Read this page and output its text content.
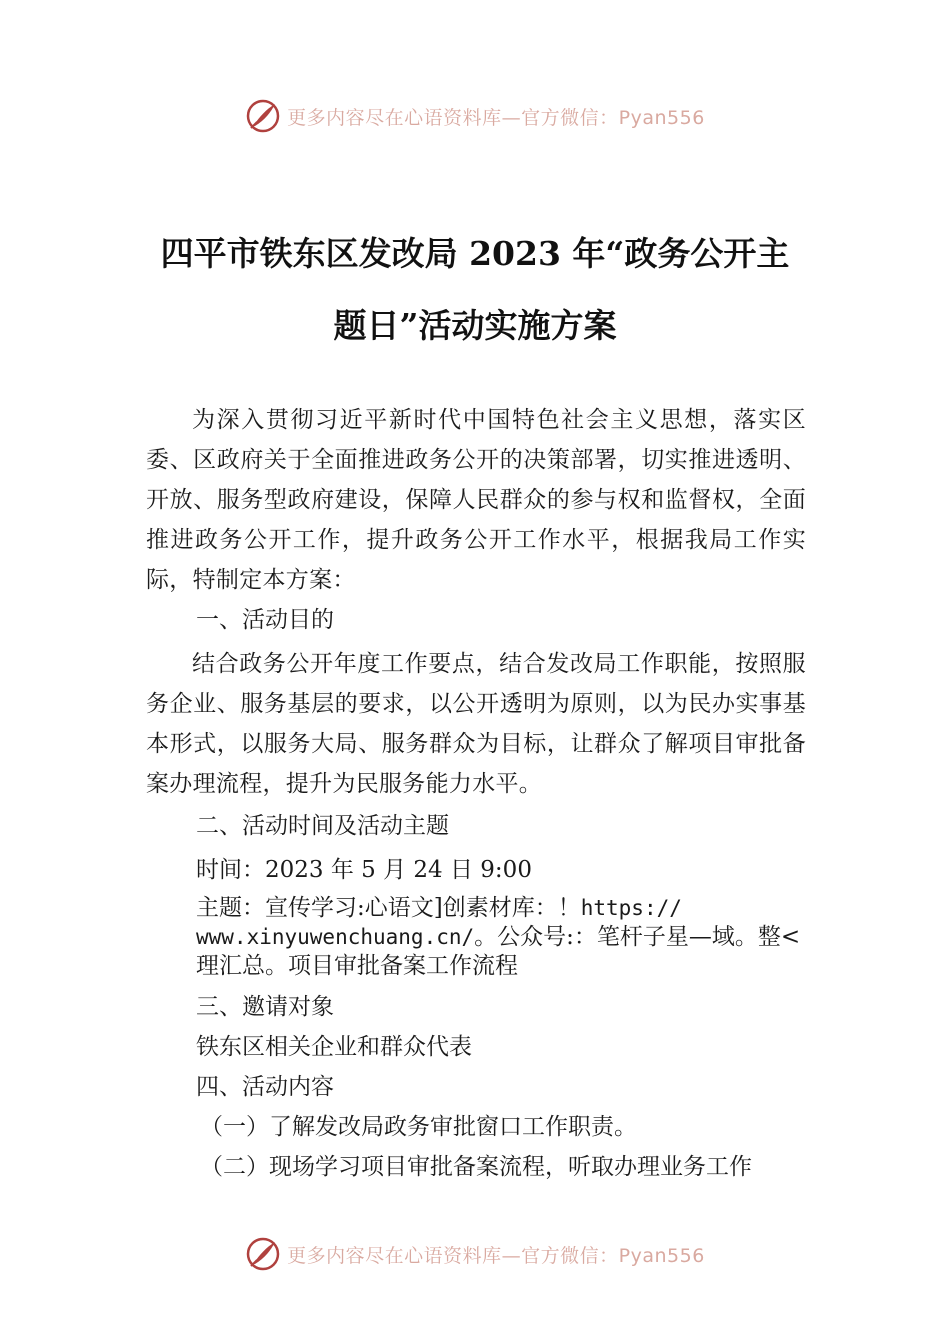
更多内容尽在心语资料库—官方微信：Pyan556
四平市铁东区发改局 2023 年“政务公开主
题日”活动实施方案

为深入贯彻习近平新时代中国特色社会主义思想，落实区委、区政府关于全面推进政务公开的决策部署，切实推进透明、开放、服务型政府建设，保障人民群众的参与权和监督权，全面推进政务公开工作，提升政务公开工作水平，根据我局工作实际，特制定本方案：

一、活动目的

结合政务公开年度工作要点，结合发改局工作职能，按照服务企业、服务基层的要求，以公开透明为原则，以为民办实事基本形式，以服务大局、服务群众为目标，让群众了解项目审批备案办理流程，提升为民服务能力水平。

二、活动时间及活动主题

时间：2023 年 5 月 24 日 9:00

主题：宣传学习:心语文]创素材库：！https://
www.xinyuwenchuang.cn/。公众号:：笔杆子星—域。整<
理汇总。项目审批备案工作流程

三、邀请对象

铁东区相关企业和群众代表

四、活动内容

（一）了解发改局政务审批窗口工作职责。

（二）现场学习项目审批备案流程，听取办理业务工作

更多内容尽在心语资料库—官方微信：Pyan556
